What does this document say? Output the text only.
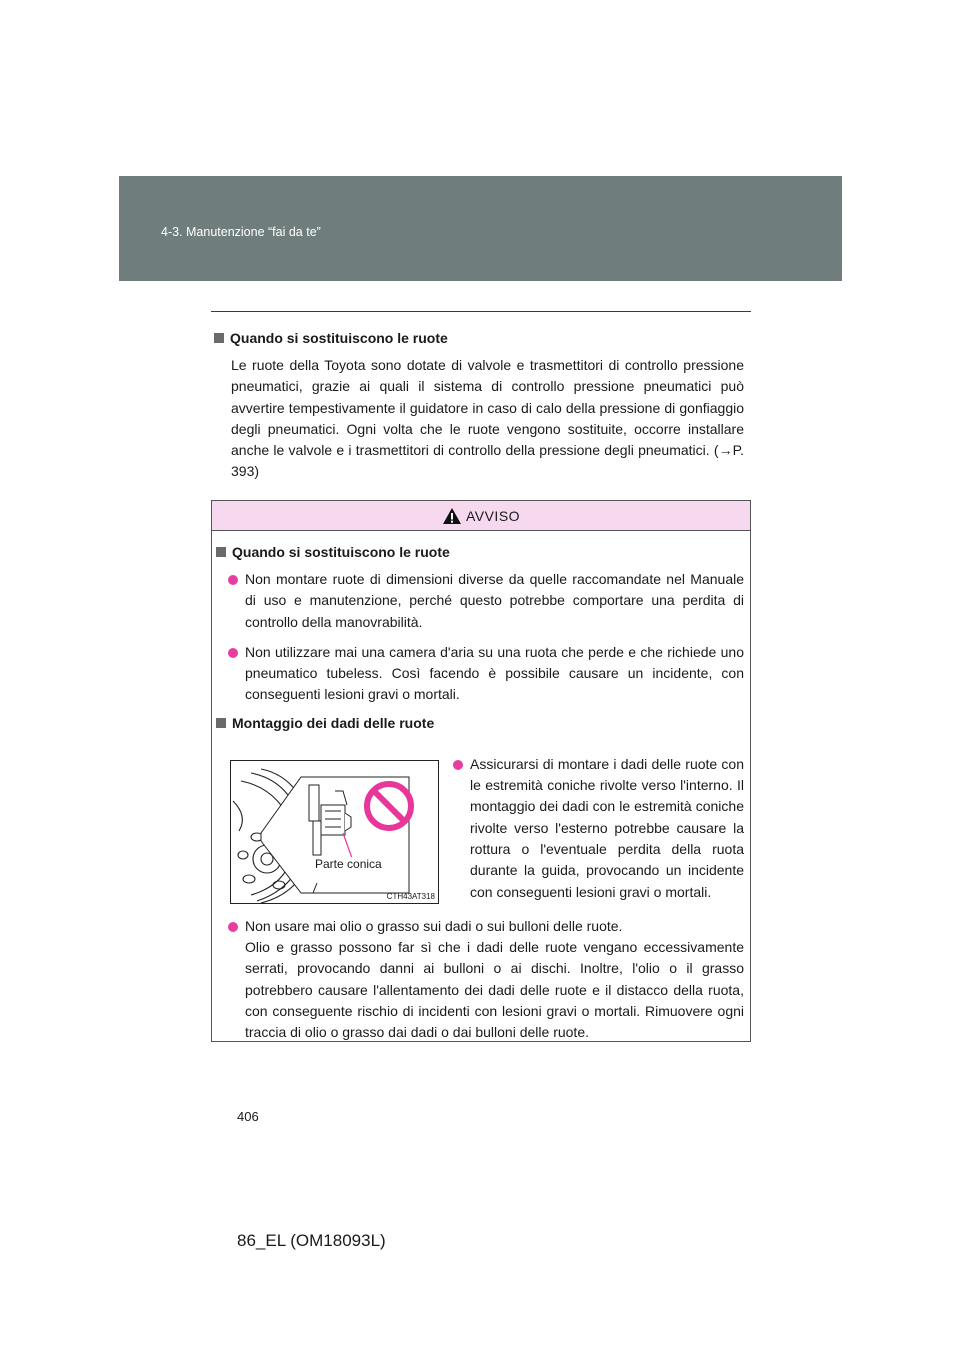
4-3. Manutenzione “fai da te”
Quando si sostituiscono le ruote
Le ruote della Toyota sono dotate di valvole e trasmettitori di controllo pressione pneumatici, grazie ai quali il sistema di controllo pressione pneumatici può avvertire tempestivamente il guidatore in caso di calo della pressione di gonfiaggio degli pneumatici. Ogni volta che le ruote vengono sostituite, occorre installare anche le valvole e i trasmettitori di controllo della pressione degli pneumatici. (→P. 393)
AVVISO
Quando si sostituiscono le ruote
Non montare ruote di dimensioni diverse da quelle raccomandate nel Manuale di uso e manutenzione, perché questo potrebbe comportare una perdita di controllo della manovrabilità.
Non utilizzare mai una camera d'aria su una ruota che perde e che richiede uno pneumatico tubeless. Così facendo è possibile causare un incidente, con conseguenti lesioni gravi o mortali.
Montaggio dei dadi delle ruote
Parte conica
CTH43AT318
Assicurarsi di montare i dadi delle ruote con le estremità coniche rivolte verso l'interno. Il montaggio dei dadi con le estremità coniche rivolte verso l'esterno potrebbe causare la rottura o l'eventuale perdita della ruota durante la guida, provocando un incidente con conseguenti lesioni gravi o mortali.
Non usare mai olio o grasso sui dadi o sui bulloni delle ruote.
Olio e grasso possono far sì che i dadi delle ruote vengano eccessivamente serrati, provocando danni ai bulloni o ai dischi. Inoltre, l'olio o il grasso potrebbero causare l'allentamento dei dadi delle ruote e il distacco della ruota, con conseguente rischio di incidenti con lesioni gravi o mortali. Rimuovere ogni traccia di olio o grasso dai dadi o dai bulloni delle ruote.
406
86_EL (OM18093L)
